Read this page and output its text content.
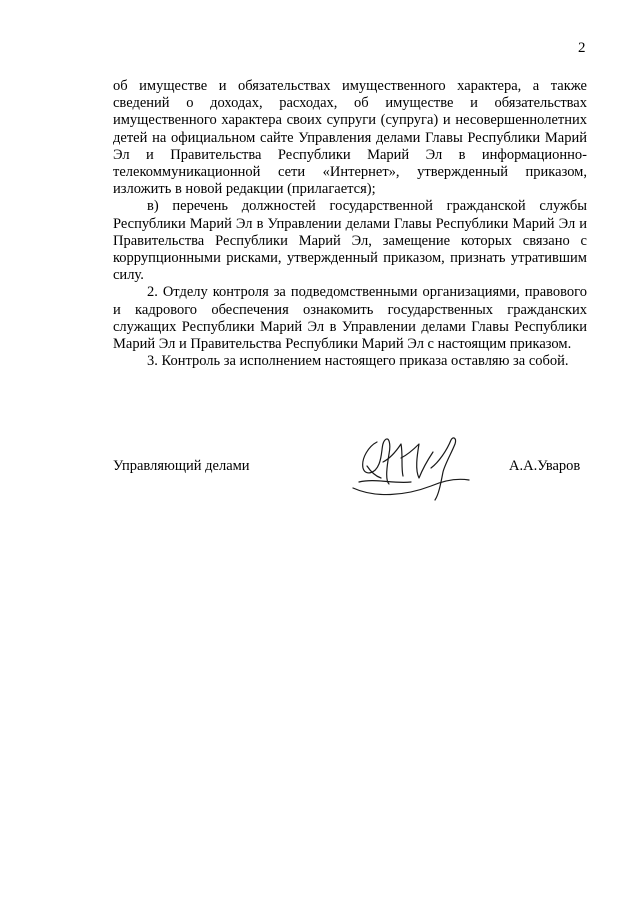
2

об имуществе и обязательствах имущественного характера, а также сведений о доходах, расходах, об имуществе и обязательствах имущественного характера своих супруги (супруга) и несовершеннолетних детей на официальном сайте Управления делами Главы Республики Марий Эл и Правительства Республики Марий Эл в информационно-телекоммуникационной сети «Интернет», утвержденный приказом, изложить в новой редакции (прилагается);

в) перечень должностей государственной гражданской службы Республики Марий Эл в Управлении делами Главы Республики Марий Эл и Правительства Республики Марий Эл, замещение которых связано с коррупционными рисками, утвержденный приказом, признать утратившим силу.

2. Отделу контроля за подведомственными организациями, правового и кадрового обеспечения ознакомить государственных гражданских служащих Республики Марий Эл в Управлении делами Главы Республики Марий Эл и Правительства Республики Марий Эл с настоящим приказом.

3. Контроль за исполнением настоящего приказа оставляю за собой.

Управляющий делами	А.А.Уваров
